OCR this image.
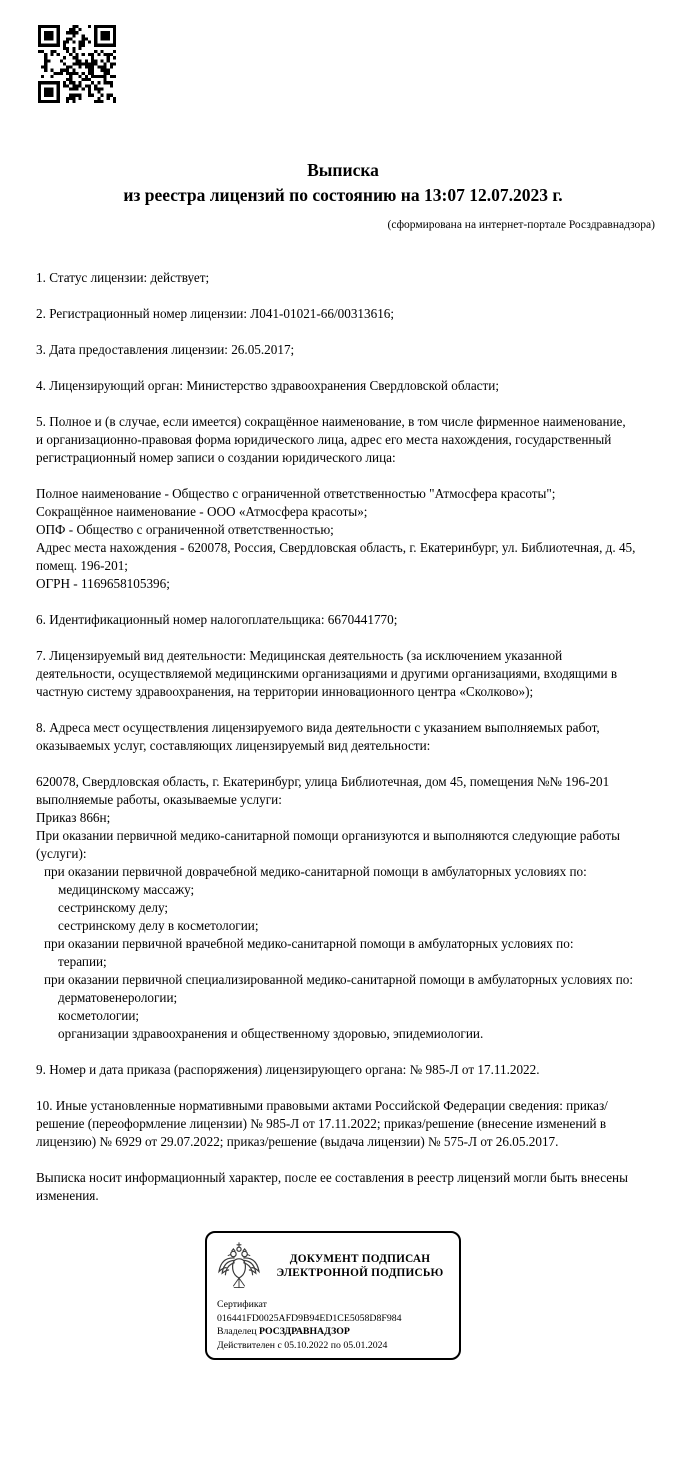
Выписка
из реестра лицензий по состоянию на 13:07 12.07.2023 г.
(сформирована на интернет-портале Росздравнадзора)
1. Статус лицензии: действует;
2. Регистрационный номер лицензии: Л041-01021-66/00313616;
3. Дата предоставления лицензии: 26.05.2017;
4. Лицензирующий орган: Министерство здравоохранения Свердловской области;
5. Полное и (в случае, если имеется) сокращённое наименование, в том числе фирменное наименование, и организационно-правовая форма юридического лица, адрес его места нахождения, государственный регистрационный номер записи о создании юридического лица:
Полное наименование - Общество с ограниченной ответственностью "Атмосфера красоты";
Сокращённое наименование - ООО «Атмосфера красоты»;
ОПФ - Общество с ограниченной ответственностью;
Адрес места нахождения - 620078, Россия, Свердловская область, г. Екатеринбург, ул. Библиотечная, д. 45, помещ. 196-201;
ОГРН - 1169658105396;
6. Идентификационный номер налогоплательщика: 6670441770;
7. Лицензируемый вид деятельности: Медицинская деятельность (за исключением указанной деятельности, осуществляемой медицинскими организациями и другими организациями, входящими в частную систему здравоохранения, на территории инновационного центра «Сколково»);
8. Адреса мест осуществления лицензируемого вида деятельности с указанием выполняемых работ, оказываемых услуг, составляющих лицензируемый вид деятельности:
620078, Свердловская область, г. Екатеринбург, улица Библиотечная, дом 45, помещения №№ 196-201
выполняемые работы, оказываемые услуги:
Приказ 866н;
При оказании первичной медико-санитарной помощи организуются и выполняются следующие работы (услуги):
при оказании первичной доврачебной медико-санитарной помощи в амбулаторных условиях по:
медицинскому массажу;
сестринскому делу;
сестринскому делу в косметологии;
при оказании первичной врачебной медико-санитарной помощи в амбулаторных условиях по:
терапии;
при оказании первичной специализированной медико-санитарной помощи в амбулаторных условиях по:
дерматовенерологии;
косметологии;
организации здравоохранения и общественному здоровью, эпидемиологии.
9. Номер и дата приказа (распоряжения) лицензирующего органа: № 985-Л от 17.11.2022.
10. Иные установленные нормативными правовыми актами Российской Федерации сведения: приказ/решение (переоформление лицензии) № 985-Л от 17.11.2022; приказ/решение (внесение изменений в лицензию) № 6929 от 29.07.2022; приказ/решение (выдача лицензии) № 575-Л от 26.05.2017.
Выписка носит информационный характер, после ее составления в реестр лицензий могли быть внесены изменения.
ДОКУМЕНТ ПОДПИСАН
ЭЛЕКТРОННОЙ ПОДПИСЬЮ
Сертификат 016441FD0025AFD9B94ED1CE5058D8F984
Владелец РОСЗДРАВНАДЗОР
Действителен с 05.10.2022 по 05.01.2024
